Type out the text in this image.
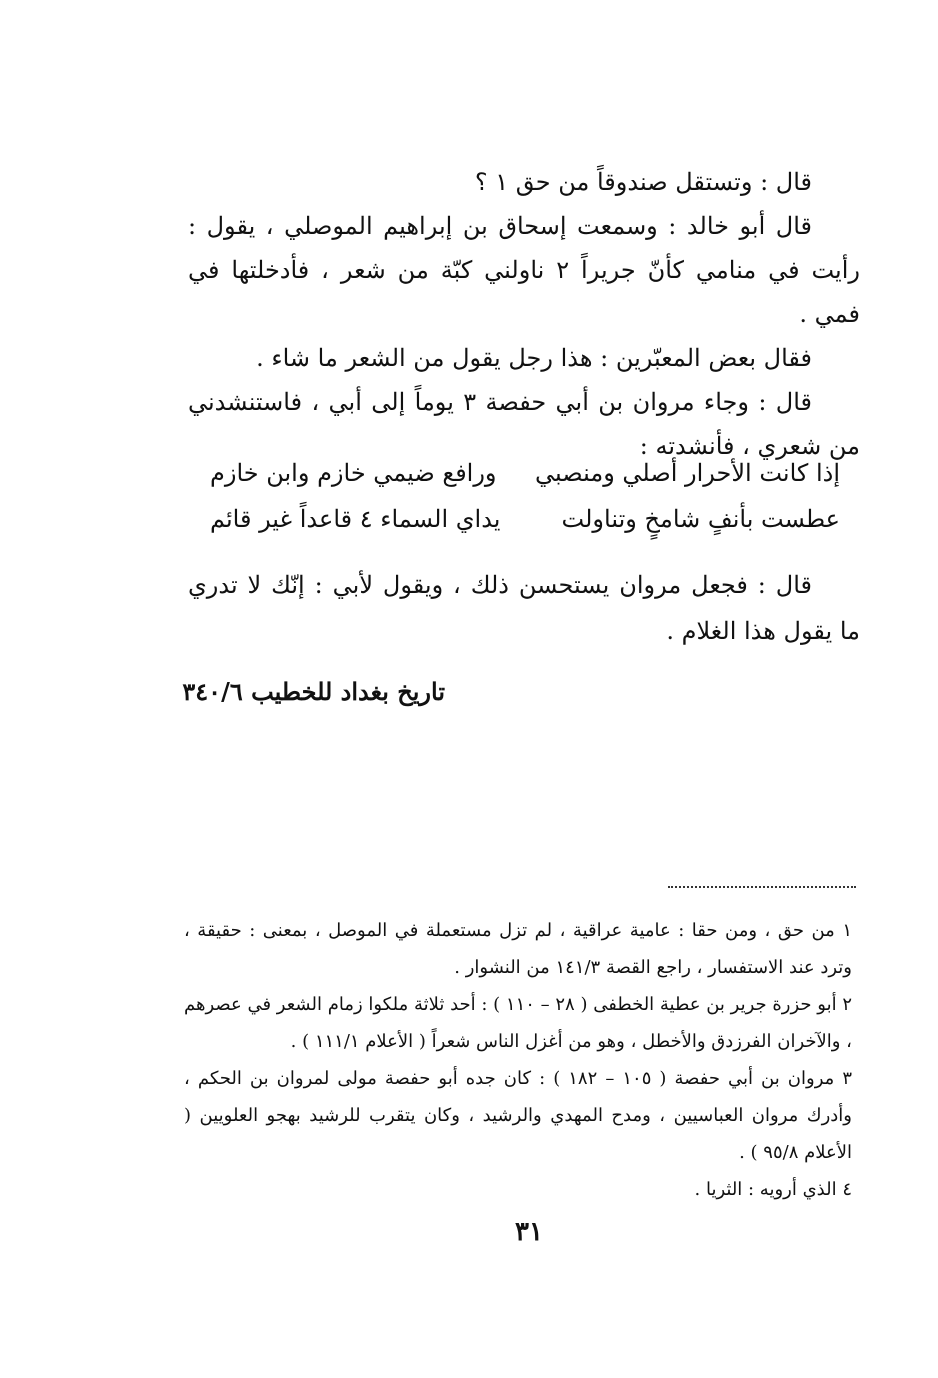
قال : وتستقل صندوقاً من حق ١ ؟

قال أبو خالد : وسمعت إسحاق بن إبراهيم الموصلي ، يقول : رأيت في منامي كأنّ جريراً ٢ ناولني كبّة من شعر ، فأدخلتها في فمي .

فقال بعض المعبّرين : هذا رجل يقول من الشعر ما شاء .

قال : وجاء مروان بن أبي حفصة ٣ يوماً إلى أبي ، فاستنشدني من شعري ، فأنشدته :

إذا كانت الأحرار أصلي ومنصبي
ورافع ضيمي خازم وابن خازم
عطست بأنفٍ شامخٍ وتناولت
يداي السماء ٤ قاعداً غير قائم

قال : فجعل مروان يستحسن ذلك ، ويقول لأبي : إنّك لا تدري ما يقول هذا الغلام .

تاريخ بغداد للخطيب ٣٤٠/٦

١ من حق ، ومن حقا : عامية عراقية ، لم تزل مستعملة في الموصل ، بمعنى : حقيقة ، وترد عند الاستفسار ، راجع القصة ١٤١/٣ من النشوار .

٢ أبو حزرة جرير بن عطية الخطفى ( ٢٨ – ١١٠ ) : أحد ثلاثة ملكوا زمام الشعر في عصرهم ، والآخران الفرزدق والأخطل ، وهو من أغزل الناس شعراً ( الأعلام ١١١/١ ) .

٣ مروان بن أبي حفصة ( ١٠٥ – ١٨٢ ) : كان جده أبو حفصة مولى لمروان بن الحكم ، وأدرك مروان العباسيين ، ومدح المهدي والرشيد ، وكان يتقرب للرشيد بهجو العلويين ( الأعلام ٩٥/٨ ) .

٤ الذي أرويه : الثريا .

٣١
